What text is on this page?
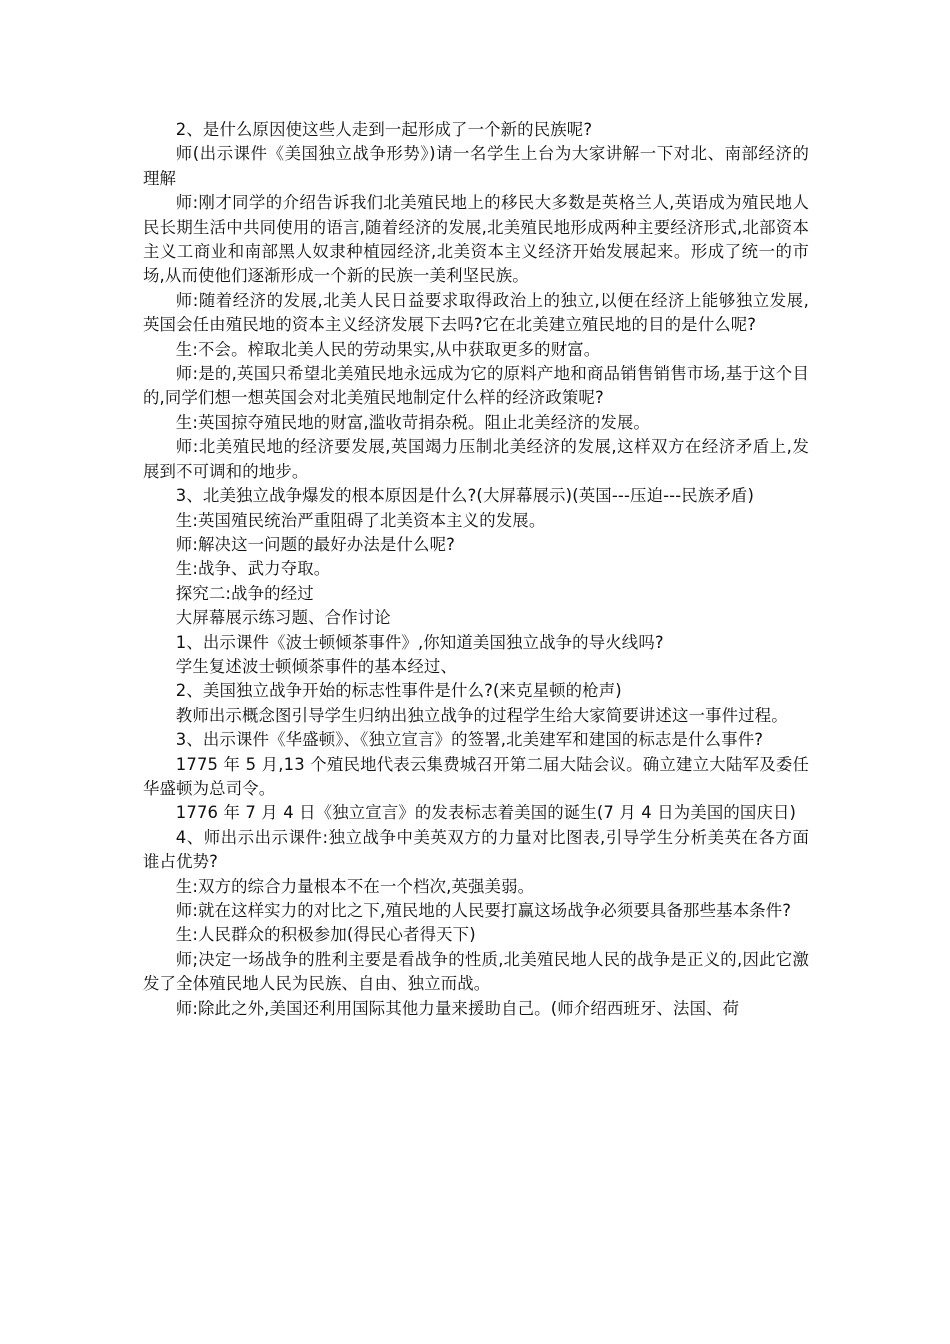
2、是什么原因使这些人走到一起形成了一个新的民族呢?

师(出示课件《美国独立战争形势》)请一名学生上台为大家讲解一下对北、南部经济的理解

师:刚才同学的介绍告诉我们北美殖民地上的移民大多数是英格兰人,英语成为殖民地人民长期生活中共同使用的语言,随着经济的发展,北美殖民地形成两种主要经济形式,北部资本主义工商业和南部黑人奴隶种植园经济,北美资本主义经济开始发展起来。形成了统一的市场,从而使他们逐渐形成一个新的民族一美利坚民族。

师:随着经济的发展,北美人民日益要求取得政治上的独立,以便在经济上能够独立发展,英国会任由殖民地的资本主义经济发展下去吗?它在北美建立殖民地的目的是什么呢?

生:不会。榨取北美人民的劳动果实,从中获取更多的财富。

师:是的,英国只希望北美殖民地永远成为它的原料产地和商品销售销售市场,基于这个目的,同学们想一想英国会对北美殖民地制定什么样的经济政策呢?

生:英国掠夺殖民地的财富,滥收苛捐杂税。阻止北美经济的发展。

师:北美殖民地的经济要发展,英国竭力压制北美经济的发展,这样双方在经济矛盾上,发展到不可调和的地步。

3、北美独立战争爆发的根本原因是什么?(大屏幕展示)(英国---压迫---民族矛盾)

生:英国殖民统治严重阻碍了北美资本主义的发展。

师:解决这一问题的最好办法是什么呢?

生:战争、武力夺取。

探究二:战争的经过

大屏幕展示练习题、合作讨论

1、出示课件《波士顿倾茶事件》,你知道美国独立战争的导火线吗?

学生复述波士顿倾茶事件的基本经过、

2、美国独立战争开始的标志性事件是什么?(来克星顿的枪声)

教师出示概念图引导学生归纳出独立战争的过程学生给大家简要讲述这一事件过程。

3、出示课件《华盛顿》、《独立宣言》的签署,北美建军和建国的标志是什么事件?

1775 年 5 月,13 个殖民地代表云集费城召开第二届大陆会议。确立建立大陆军及委任华盛顿为总司令。

1776 年 7 月 4 日《独立宣言》的发表标志着美国的诞生(7 月 4 日为美国的国庆日)

4、师出示出示课件:独立战争中美英双方的力量对比图表,引导学生分析美英在各方面谁占优势?

生:双方的综合力量根本不在一个档次,英强美弱。

师:就在这样实力的对比之下,殖民地的人民要打赢这场战争必须要具备那些基本条件?

生:人民群众的积极参加(得民心者得天下)

师;决定一场战争的胜利主要是看战争的性质,北美殖民地人民的战争是正义的,因此它激发了全体殖民地人民为民族、自由、独立而战。

师:除此之外,美国还利用国际其他力量来援助自己。(师介绍西班牙、法国、荷
